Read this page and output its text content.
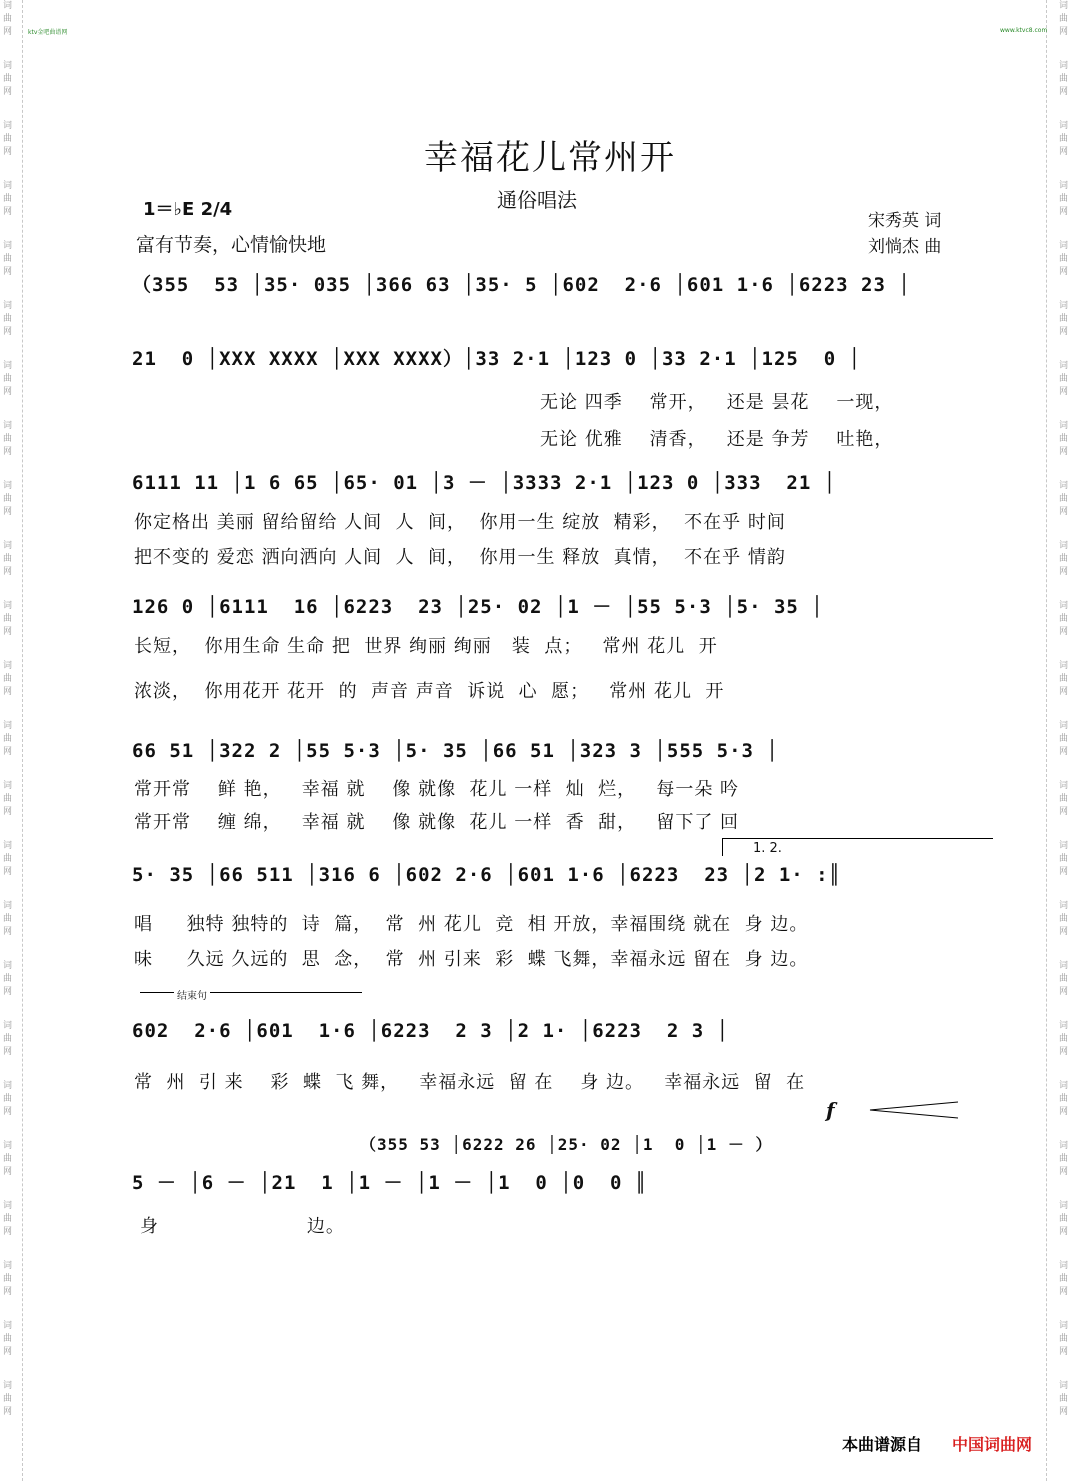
词曲网
词曲网
词曲网
词曲网
词曲网
词曲网
词曲网
词曲网
词曲网
词曲网
词曲网
词曲网
词曲网
词曲网
词曲网
词曲网
词曲网
词曲网
词曲网
词曲网
词曲网
词曲网
词曲网
词曲网
词曲网
词曲网
词曲网
词曲网
词曲网
词曲网
词曲网
词曲网
词曲网
词曲网
词曲网
词曲网
词曲网
词曲网
词曲网
词曲网
词曲网
词曲网
词曲网
词曲网
词曲网
词曲网
词曲网
词曲网
ktv金吧曲谱网	www.ktvc8.com
幸福花儿常州开
通俗唱法
1＝♭E 2/4
富有节奏，心情愉快地
宋秀英 词
刘惝杰 曲
（355  53 │35· 035 │366 63 │35· 5 │602  2·6 │601 1·6 │6223 23 │
21  0 │XXX XXXX │XXX XXXX）│33 2·1 │123 0 │33 2·1 │125  0 │
无论 四季    常开，   还是 昙花    一现，
无论 优雅    清香，   还是 争芳    吐艳，
6111 11 │1 6 65 │65· 01 │3 － │3333 2·1 │123 0 │333  21 │
你定格出 美丽 留给留给 人间  人  间，  你用一生 绽放  精彩，  不在乎 时间
把不变的 爱恋 洒向洒向 人间  人  间，  你用一生 释放  真情，  不在乎 情韵
126 0 │6111  16 │6223  23 │25· 02 │1 － │55 5·3 │5· 35 │
长短，  你用生命 生命 把  世界 绚丽 绚丽   装  点；   常州 花儿  开
浓淡，  你用花开 花开  的  声音 声音  诉说  心  愿；   常州 花儿  开
66 51 │322 2 │55 5·3 │5· 35 │66 51 │323 3 │555 5·3 │
常开常    鲜 艳，   幸福 就    像 就像  花儿 一样  灿  烂，   每一朵 吟
常开常    缠 绵，   幸福 就    像 就像  花儿 一样  香  甜，   留下了 回
1. 2.
5· 35 │66 511 │316 6 │602 2·6 │601 1·6 │6223  23 │2 1· :║
唱     独特 独特的  诗  篇，  常  州 花儿  竞  相 开放，幸福围绕 就在  身 边。
味     久远 久远的  思  念，  常  州 引来  彩  蝶 飞舞，幸福永远 留在  身 边。
结束句
602  2·6 │601  1·6 │6223  2 3 │2 1· │6223  2 3 │
常  州  引 来    彩  蝶  飞 舞，   幸福永远  留 在    身 边。   幸福永远  留  在
f
（355 53 │6222 26 │25· 02 │1  0 │1 － ）
5 － │6 － │21  1 │1 － │1 － │1  0 │0  0 ║
身                      边。
本曲谱源自 中国词曲网
